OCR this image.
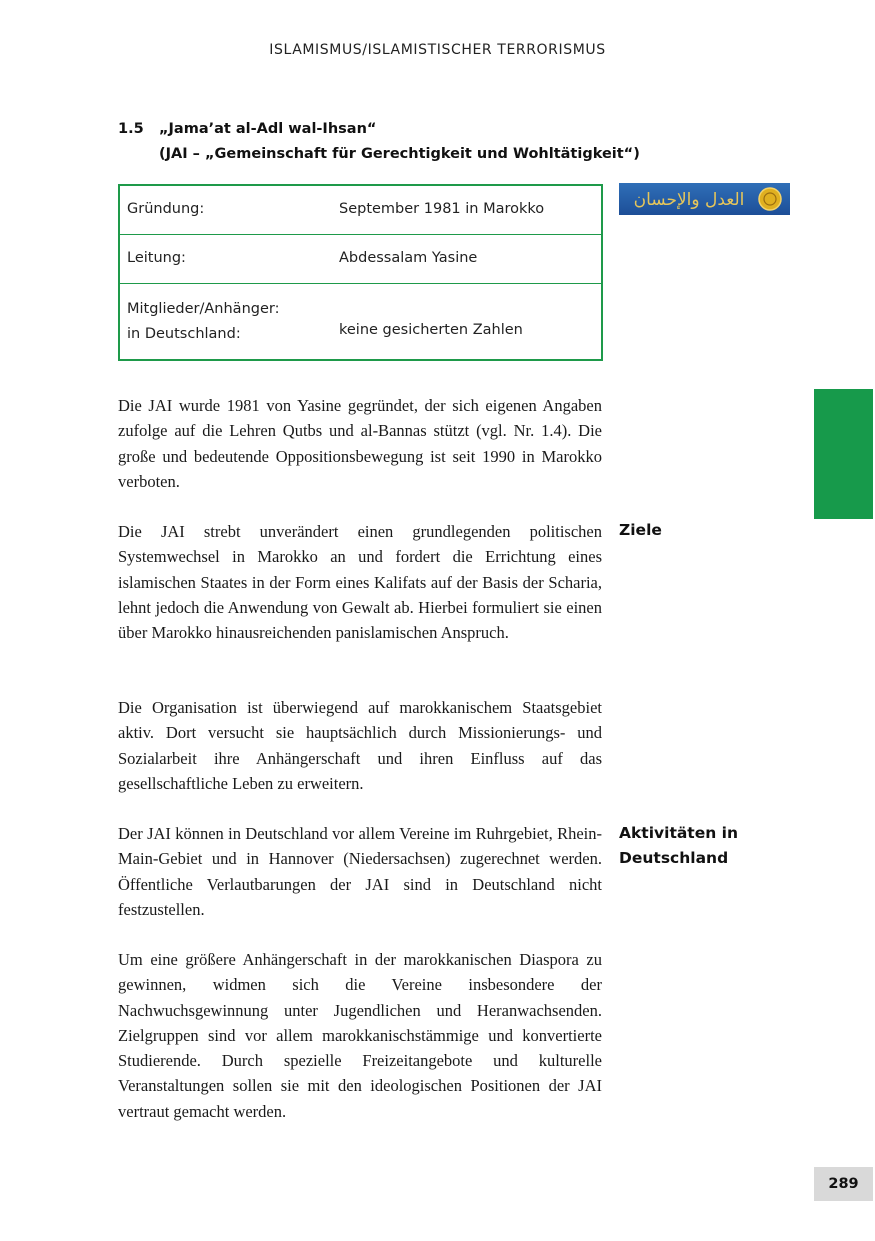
ISLAMISMUS/ISLAMISTISCHER TERRORISMUS
1.5 „Jama’at al-Adl wal-Ihsan“
(JAI – „Gemeinschaft für Gerechtigkeit und Wohltätigkeit“)
Gründung:	September 1981 in Marokko
Leitung:	Abdessalam Yasine
Mitglieder/Anhänger:
in Deutschland:	keine gesicherten Zahlen
العدل والإحسان

Die JAI wurde 1981 von Yasine gegründet, der sich eigenen Angaben zufolge auf die Lehren Qutbs und al-Bannas stützt (vgl. Nr. 1.4). Die große und bedeutende Oppositionsbewegung ist seit 1990 in Marokko verboten.

Die JAI strebt unverändert einen grundlegenden politischen Systemwechsel in Marokko an und fordert die Errichtung eines islamischen Staates in der Form eines Kalifats auf der Basis der Scharia, lehnt jedoch die Anwendung von Gewalt ab. Hierbei formuliert sie einen über Marokko hinausreichenden panislamischen Anspruch.

Die Organisation ist überwiegend auf marokkanischem Staatsgebiet aktiv. Dort versucht sie hauptsächlich durch Missionierungs- und Sozialarbeit ihre Anhängerschaft und ihren Einfluss auf das gesellschaftliche Leben zu erweitern.

Der JAI können in Deutschland vor allem Vereine im Ruhrgebiet, Rhein-Main-Gebiet und in Hannover (Niedersachsen) zugerechnet werden. Öffentliche Verlautbarungen der JAI sind in Deutschland nicht festzustellen.

Um eine größere Anhängerschaft in der marokkanischen Diaspora zu gewinnen, widmen sich die Vereine insbesondere der Nachwuchsgewinnung unter Jugendlichen und Heranwachsenden. Zielgruppen sind vor allem marokkanischstämmige und konvertierte Studierende. Durch spezielle Freizeitangebote und kulturelle Veranstaltungen sollen sie mit den ideologischen Positionen der JAI vertraut gemacht werden.

Ziele
Aktivitäten in Deutschland
289
